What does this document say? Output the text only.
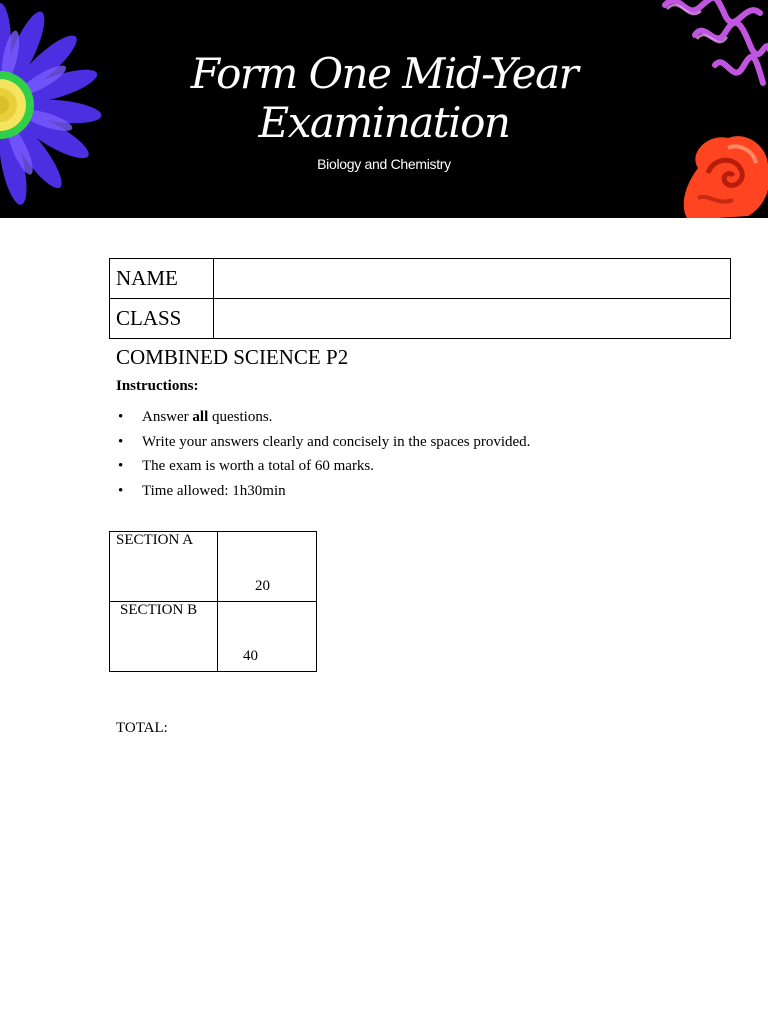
Form One Mid-Year
Examination
Biology and Chemistry
NAME	
CLASS	
COMBINED SCIENCE P2
Instructions:
• Answer all questions.
• Write your answers clearly and concisely in the spaces provided.
• The exam is worth a total of 60 marks.
• Time allowed: 1h30min
SECTION A	20

SECTION B	40
TOTAL:
